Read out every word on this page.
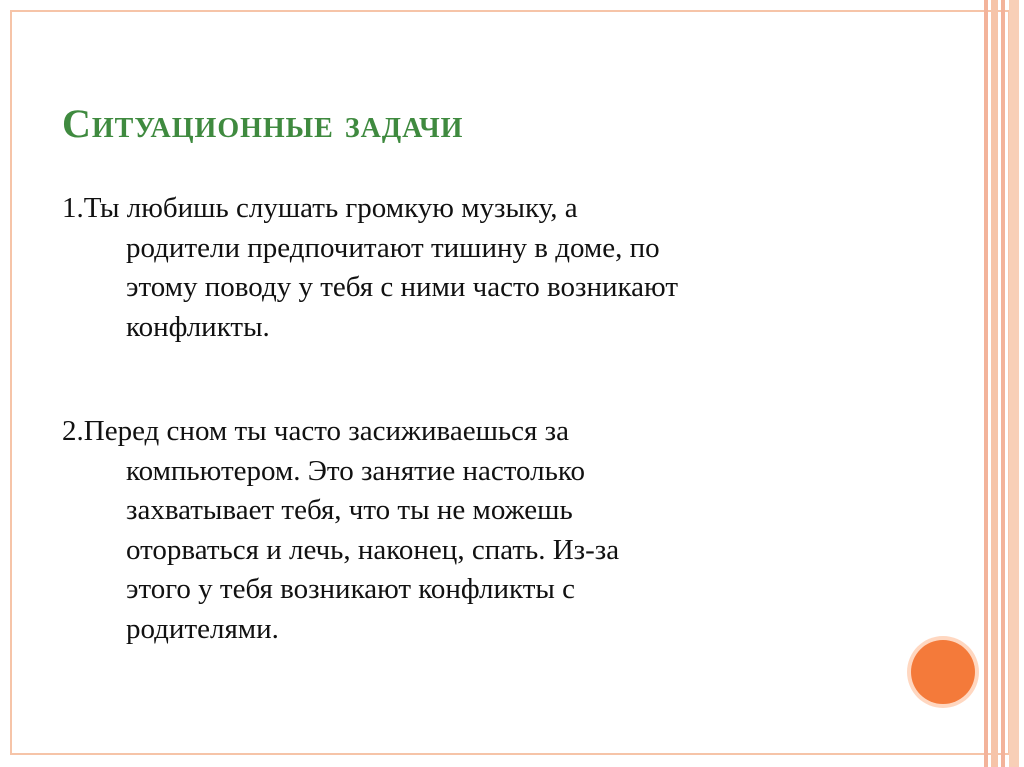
Ситуационные задачи

1.Ты любишь слушать громкую музыку, а
родители предпочитают тишину в доме, по
этому поводу у тебя с ними часто возникают
конфликты.

2.Перед сном ты часто засиживаешься за
компьютером. Это занятие настолько
захватывает тебя, что ты не можешь
оторваться и лечь, наконец, спать. Из-за
этого у тебя возникают конфликты с
родителями.
